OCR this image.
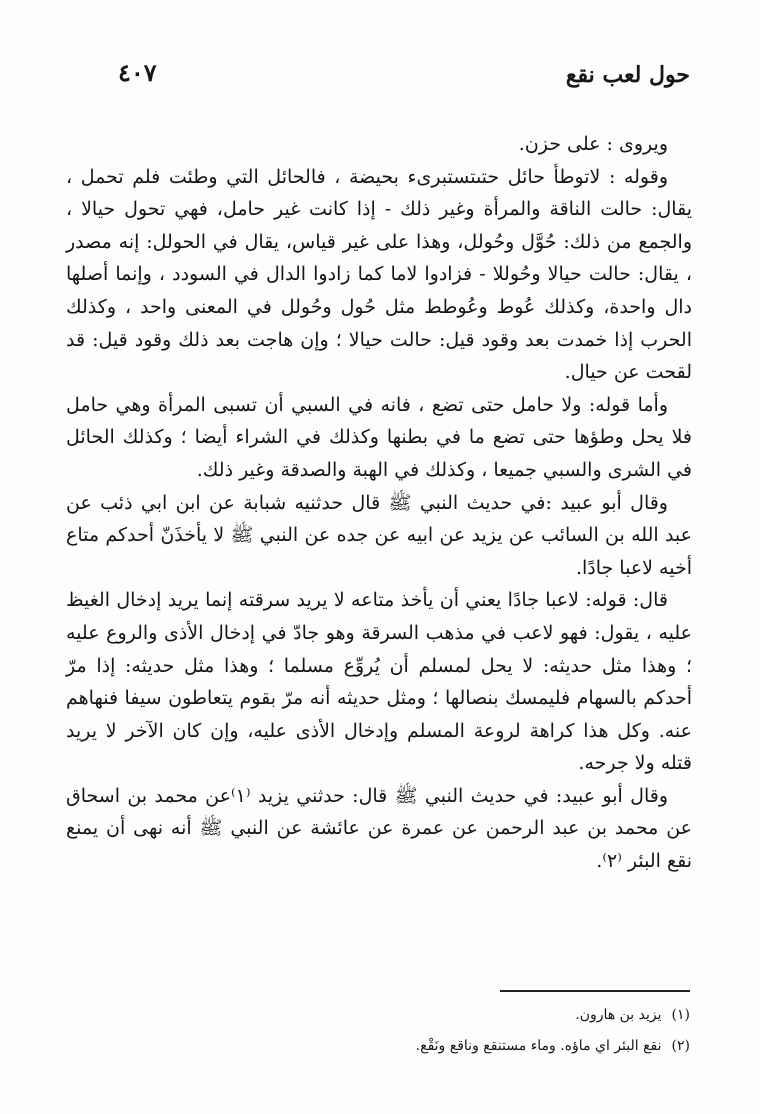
حول لعب نقع
٤٠٧

ويروى : على حزن.

وقوله : لاتوطأ حائل حتىتستبرىء بحيضة ، فالحائل التي وطئت فلم تحمل ، يقال: حالت الناقة والمرأة وغير ذلك - إذا كانت غير حامل، فهي تحول حيالا ، والجمع من ذلك: حُوَّل وحُولل، وهذا على غير قياس، يقال في الحولل: إنه مصدر ، يقال: حالت حيالا وحُوللا - فزادوا لاما كما زادوا الدال في السودد ، وإنما أصلها دال واحدة، وكذلك عُوط وعُوطط مثل حُول وحُولل في المعنى واحد ، وكذلك الحرب إذا خمدت بعد وقود قيل: حالت حيالا ؛ وإن هاجت بعد ذلك وقود قيل: قد لقحت عن حيال.

وأما قوله: ولا حامل حتى تضع ، فانه في السبي أن تسبى المرأة وهي حامل فلا يحل وطؤها حتى تضع ما في بطنها وكذلك في الشراء أيضا ؛ وكذلك الحائل في الشرى والسبي جميعا ، وكذلك في الهبة والصدقة وغير ذلك.

وقال أبو عبيد :في حديث النبي ﷺ قال حدثنيه شبابة عن ابن ابي ذئب عن عبد الله بن السائب عن يزيد عن ابيه عن جده عن النبي ﷺ لا يأخذَنّ أحدكم متاع أخيه لاعبا جادًا.

قال: قوله: لاعبا جادًا يعني أن يأخذ متاعه لا يريد سرقته إنما يريد إدخال الغيظ عليه ، يقول: فهو لاعب في مذهب السرقة وهو جادّ في إدخال الأذى والروع عليه ؛ وهذا مثل حديثه: لا يحل لمسلم أن يُروِّع مسلما ؛ وهذا مثل حديثه: إذا مرّ أحدكم بالسهام فليمسك بنصالها ؛ ومثل حديثه أنه مرّ بقوم يتعاطون سيفا فنهاهم عنه. وكل هذا كراهة لروعة المسلم وإدخال الأذى عليه، وإن كان الآخر لا يريد قتله ولا جرحه.

وقال أبو عبيد: في حديث النبي ﷺ قال: حدثني يزيد ⁽١⁾عن محمد بن اسحاق عن محمد بن عبد الرحمن عن عمرة عن عائشة عن النبي ﷺ أنه نهى أن يمنع نقع البئر ⁽٢⁾.

(١)يزيد بن هارون.

(٢)نقع البئر اي ماؤه. وماء مستنقع وناقع ونَقْع.
